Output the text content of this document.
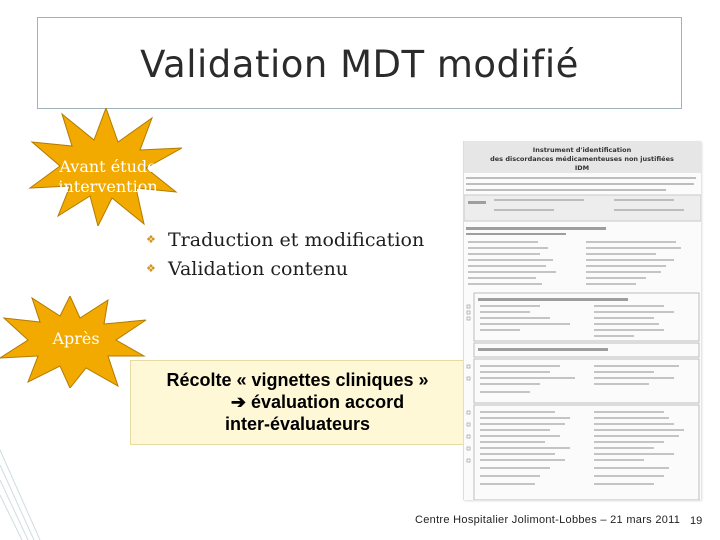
Validation MDT modifié
Avant étude
intervention
Après
❖ Traduction et modification
❖ Validation contenu
Récolte « vignettes cliniques »
➔ évaluation accord
inter-évaluateurs
Instrument d'identification
des discordances médicamenteuses non justifiées
IDM
Centre Hospitalier Jolimont-Lobbes – 21 mars 2011 19
